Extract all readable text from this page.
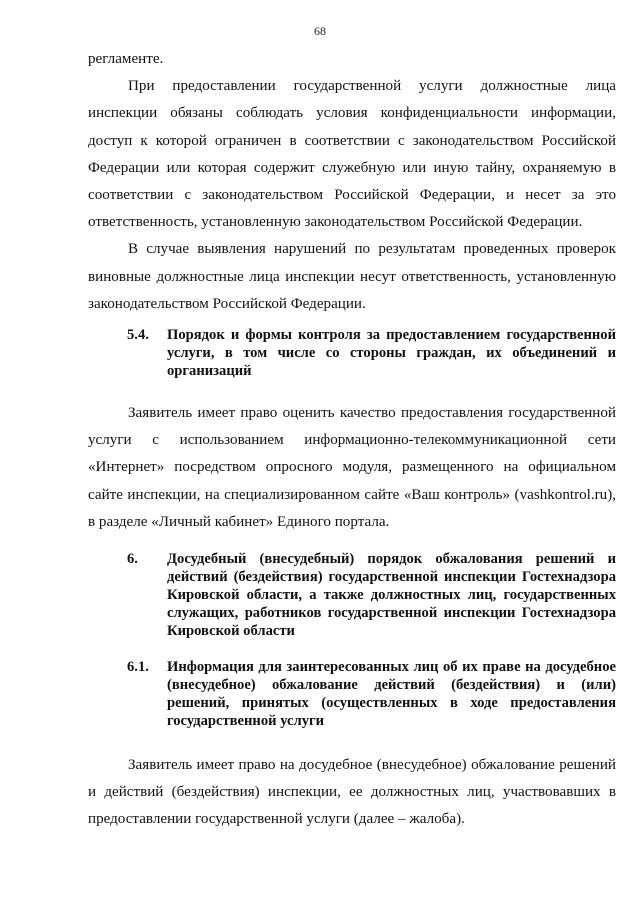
68

регламенте.

При предоставлении государственной услуги должностные лица инспекции обязаны соблюдать условия конфиденциальности информации, доступ к которой ограничен в соответствии с законодательством Российской Федерации или которая содержит служебную или иную тайну, охраняемую в соответствии с законодательством Российской Федерации, и несет за это ответственность, установленную законодательством Российской Федерации.

В случае выявления нарушений по результатам проведенных проверок виновные должностные лица инспекции несут ответственность, установленную законодательством Российской Федерации.

5.4.	Порядок и формы контроля за предоставлением государственной услуги, в том числе со стороны граждан, их объединений и организаций

Заявитель имеет право оценить качество предоставления государственной услуги с использованием информационно-телекоммуникационной сети «Интернет» посредством опросного модуля, размещенного на официальном сайте инспекции, на специализированном сайте «Ваш контроль» (vashkontrol.ru), в разделе «Личный кабинет» Единого портала.

6.	Досудебный (внесудебный) порядок обжалования решений и действий (бездействия) государственной инспекции Гостехнадзора Кировской области, а также должностных лиц, государственных служащих, работников государственной инспекции Гостехнадзора Кировской области
6.1.	Информация для заинтересованных лиц об их праве на досудебное (внесудебное) обжалование действий (бездействия) и (или) решений, принятых (осуществленных в ходе предоставления государственной услуги

Заявитель имеет право на досудебное (внесудебное) обжалование решений и действий (бездействия) инспекции, ее должностных лиц, участвовавших в предоставлении государственной услуги (далее – жалоба).
